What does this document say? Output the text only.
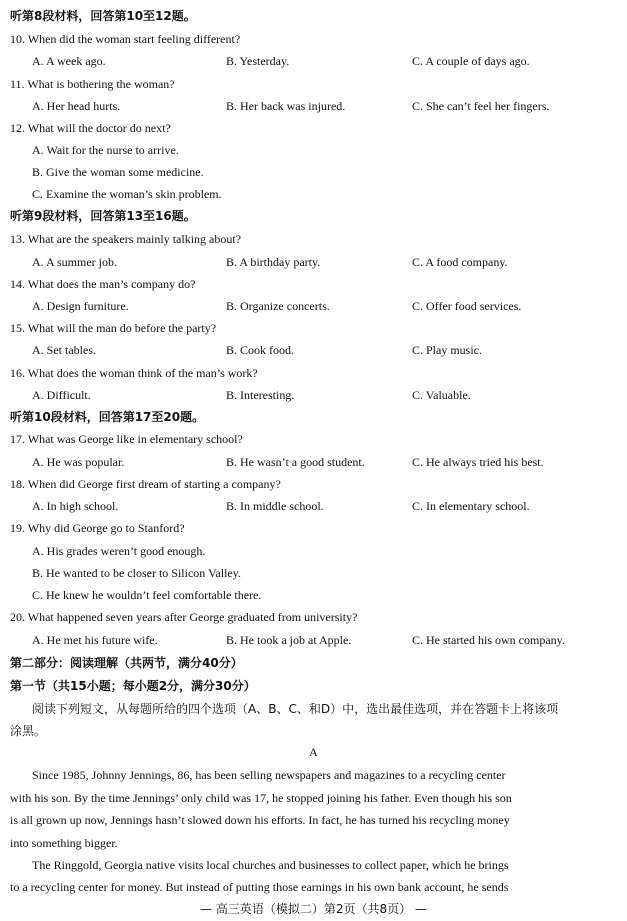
听第8段材料，回答第10至12题。
10. When did the woman start feeling different?
A. A week ago.	B. Yesterday.	C. A couple of days ago.
11. What is bothering the woman?
A. Her head hurts.	B. Her back was injured.	C. She can’t feel her fingers.
12. What will the doctor do next?
A. Wait for the nurse to arrive.
B. Give the woman some medicine.
C. Examine the woman’s skin problem.
听第9段材料，回答第13至16题。
13. What are the speakers mainly talking about?
A. A summer job.	B. A birthday party.	C. A food company.
14. What does the man’s company do?
A. Design furniture.	B. Organize concerts.	C. Offer food services.
15. What will the man do before the party?
A. Set tables.	B. Cook food.	C. Play music.
16. What does the woman think of the man’s work?
A. Difficult.	B. Interesting.	C. Valuable.
听第10段材料，回答第17至20题。
17. What was George like in elementary school?
A. He was popular.	B. He wasn’t a good student.	C. He always tried his best.
18. When did George first dream of starting a company?
A. In high school.	B. In middle school.	C. In elementary school.
19. Why did George go to Stanford?
A. His grades weren’t good enough.
B. He wanted to be closer to Silicon Valley.
C. He knew he wouldn’t feel comfortable there.
20. What happened seven years after George graduated from university?
A. He met his future wife.	B. He took a job at Apple.	C. He started his own company.
第二部分：阅读理解（共两节，满分40分）
第一节（共15小题；每小题2分，满分30分）
阅读下列短文，从每题所给的四个选项（A、B、C、和D）中，选出最佳选项，并在答题卡上将该项
涂黑。
A
Since 1985, Johnny Jennings, 86, has been selling newspapers and magazines to a recycling center
with his son. By the time Jennings’ only child was 17, he stopped joining his father. Even though his son
is all grown up now, Jennings hasn’t slowed down his efforts. In fact, he has turned his recycling money
into something bigger.
The Ringgold, Georgia native visits local churches and businesses to collect paper, which he brings
to a recycling center for money. But instead of putting those earnings in his own bank account, he sends
— 高三英语（模拟二）第2页（共8页） —
